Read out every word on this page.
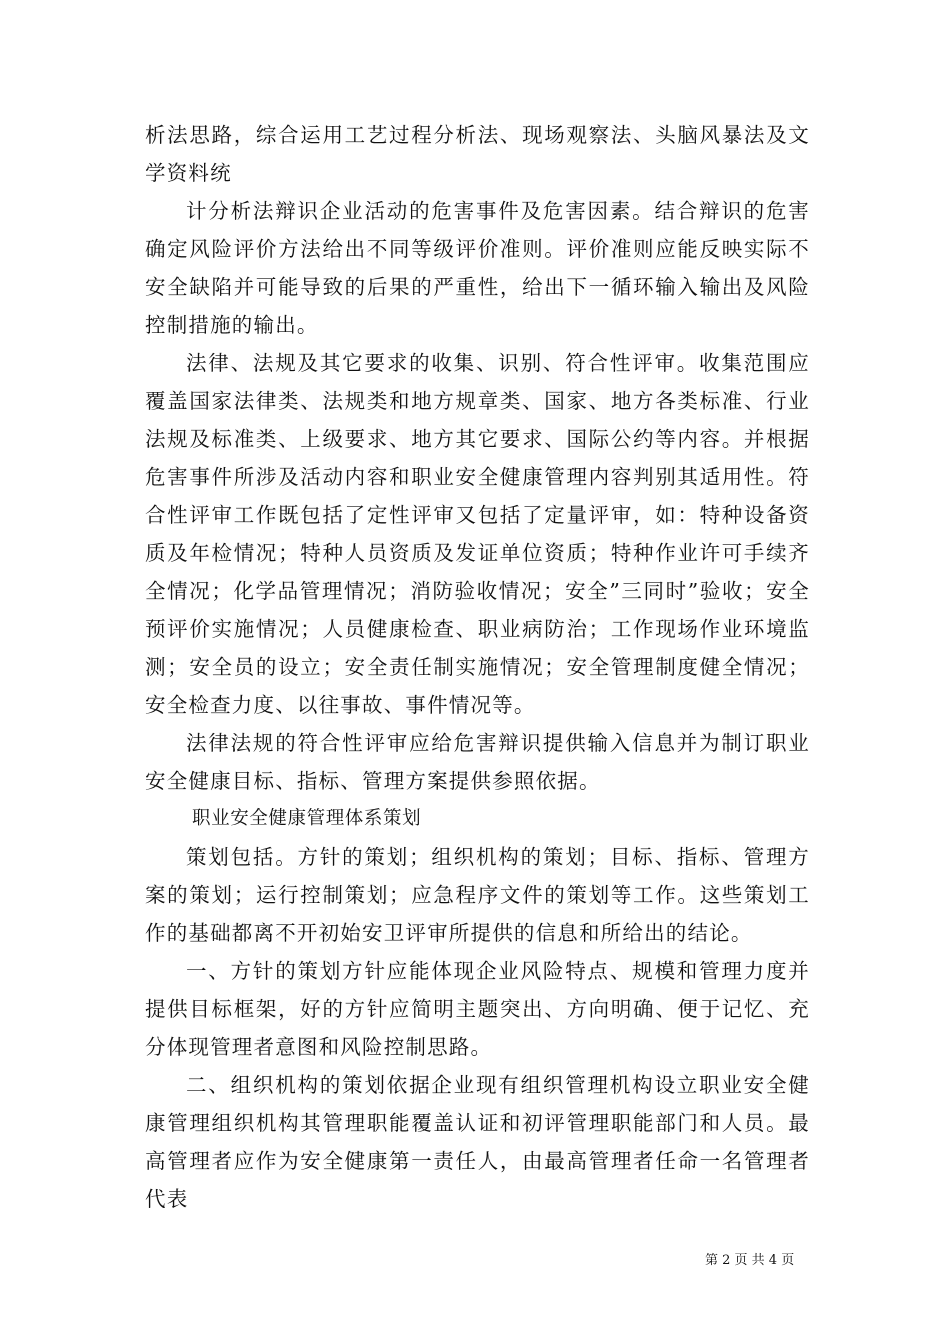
析法思路，综合运用工艺过程分析法、现场观察法、头脑风暴法及文学资料统

计分析法辩识企业活动的危害事件及危害因素。结合辩识的危害确定风险评价方法给出不同等级评价准则。评价准则应能反映实际不安全缺陷并可能导致的后果的严重性，给出下一循环输入输出及风险控制措施的输出。

法律、法规及其它要求的收集、识别、符合性评审。收集范围应覆盖国家法律类、法规类和地方规章类、国家、地方各类标准、行业法规及标准类、上级要求、地方其它要求、国际公约等内容。并根据危害事件所涉及活动内容和职业安全健康管理内容判别其适用性。符合性评审工作既包括了定性评审又包括了定量评审，如：特种设备资质及年检情况；特种人员资质及发证单位资质；特种作业许可手续齐全情况；化学品管理情况；消防验收情况；安全”三同时”验收；安全预评价实施情况；人员健康检查、职业病防治；工作现场作业环境监测；安全员的设立；安全责任制实施情况；安全管理制度健全情况；安全检查力度、以往事故、事件情况等。

法律法规的符合性评审应给危害辩识提供输入信息并为制订职业安全健康目标、指标、管理方案提供参照依据。

职业安全健康管理体系策划

策划包括。方针的策划；组织机构的策划；目标、指标、管理方案的策划；运行控制策划；应急程序文件的策划等工作。这些策划工作的基础都离不开初始安卫评审所提供的信息和所给出的结论。

一、方针的策划方针应能体现企业风险特点、规模和管理力度并提供目标框架，好的方针应简明主题突出、方向明确、便于记忆、充分体现管理者意图和风险控制思路。

二、组织机构的策划依据企业现有组织管理机构设立职业安全健康管理组织机构其管理职能覆盖认证和初评管理职能部门和人员。最高管理者应作为安全健康第一责任人，由最高管理者任命一名管理者代表

第 2 页 共 4 页
